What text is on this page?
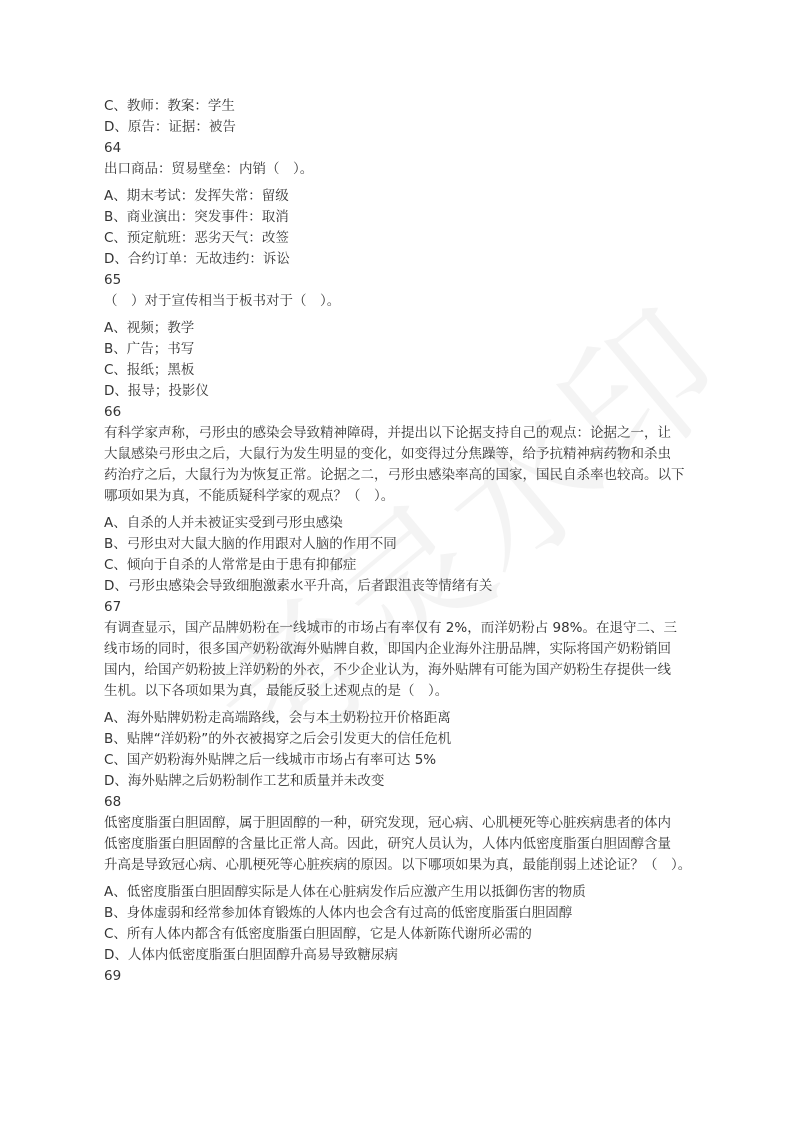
C、教师：教案：学生
D、原告：证据：被告
64
出口商品：贸易壁垒：内销（　）。
A、期末考试：发挥失常：留级
B、商业演出：突发事件：取消
C、预定航班：恶劣天气：改签
D、合约订单：无故违约：诉讼
65
（　）对于宣传相当于板书对于（　）。
A、视频；教学
B、广告；书写
C、报纸；黑板
D、报导；投影仪
66
有科学家声称，弓形虫的感染会导致精神障碍，并提出以下论据支持自己的观点：论据之一，让
大鼠感染弓形虫之后，大鼠行为发生明显的变化，如变得过分焦躁等，给予抗精神病药物和杀虫
药治疗之后，大鼠行为为恢复正常。论据之二，弓形虫感染率高的国家，国民自杀率也较高。以下
哪项如果为真，不能质疑科学家的观点？（　）。
A、自杀的人并未被证实受到弓形虫感染
B、弓形虫对大鼠大脑的作用跟对人脑的作用不同
C、倾向于自杀的人常常是由于患有抑郁症
D、弓形虫感染会导致细胞激素水平升高，后者跟沮丧等情绪有关
67
有调查显示，国产品牌奶粉在一线城市的市场占有率仅有 2%，而洋奶粉占 98%。在退守二、三
线市场的同时，很多国产奶粉欲海外贴牌自救，即国内企业海外注册品牌，实际将国产奶粉销回
国内，给国产奶粉披上洋奶粉的外衣，不少企业认为，海外贴牌有可能为国产奶粉生存提供一线
生机。以下各项如果为真，最能反驳上述观点的是（　）。
A、海外贴牌奶粉走高端路线，会与本土奶粉拉开价格距离
B、贴牌“洋奶粉”的外衣被揭穿之后会引发更大的信任危机
C、国产奶粉海外贴牌之后一线城市市场占有率可达 5%
D、海外贴牌之后奶粉制作工艺和质量并未改变
68
低密度脂蛋白胆固醇，属于胆固醇的一种，研究发现，冠心病、心肌梗死等心脏疾病患者的体内
低密度脂蛋白胆固醇的含量比正常人高。因此，研究人员认为，人体内低密度脂蛋白胆固醇含量
升高是导致冠心病、心肌梗死等心脏疾病的原因。以下哪项如果为真，最能削弱上述论证？（　）。
A、低密度脂蛋白胆固醇实际是人体在心脏病发作后应激产生用以抵御伤害的物质
B、身体虚弱和经常参加体育锻炼的人体内也会含有过高的低密度脂蛋白胆固醇
C、所有人体内都含有低密度脂蛋白胆固醇，它是人体新陈代谢所必需的
D、人体内低密度脂蛋白胆固醇升高易导致糖尿病
69
